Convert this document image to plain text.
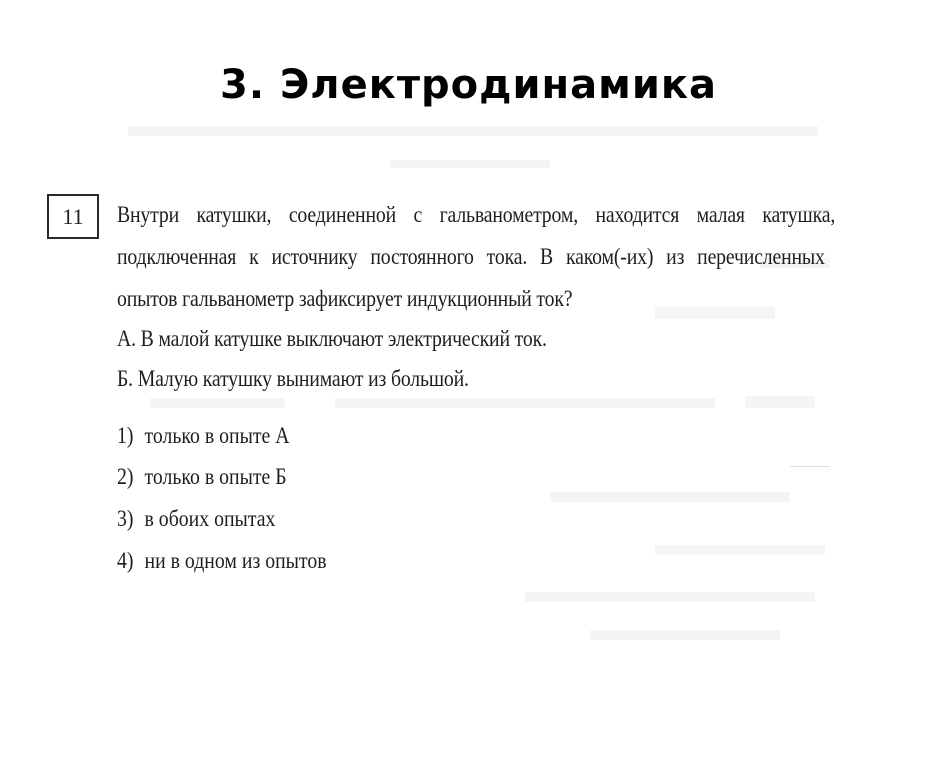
3. Электродинамика
11	Внутри катушки, соединенной с гальванометром, находится малая катушка,
подключенная к источнику постоянного тока. В каком(-их) из перечисленных
опытов гальванометр зафиксирует индукционный ток?
А. В малой катушке выключают электрический ток.
Б. Малую катушку вынимают из большой.
1) только в опыте А
2) только в опыте Б
3) в обоих опытах
4) ни в одном из опытов
